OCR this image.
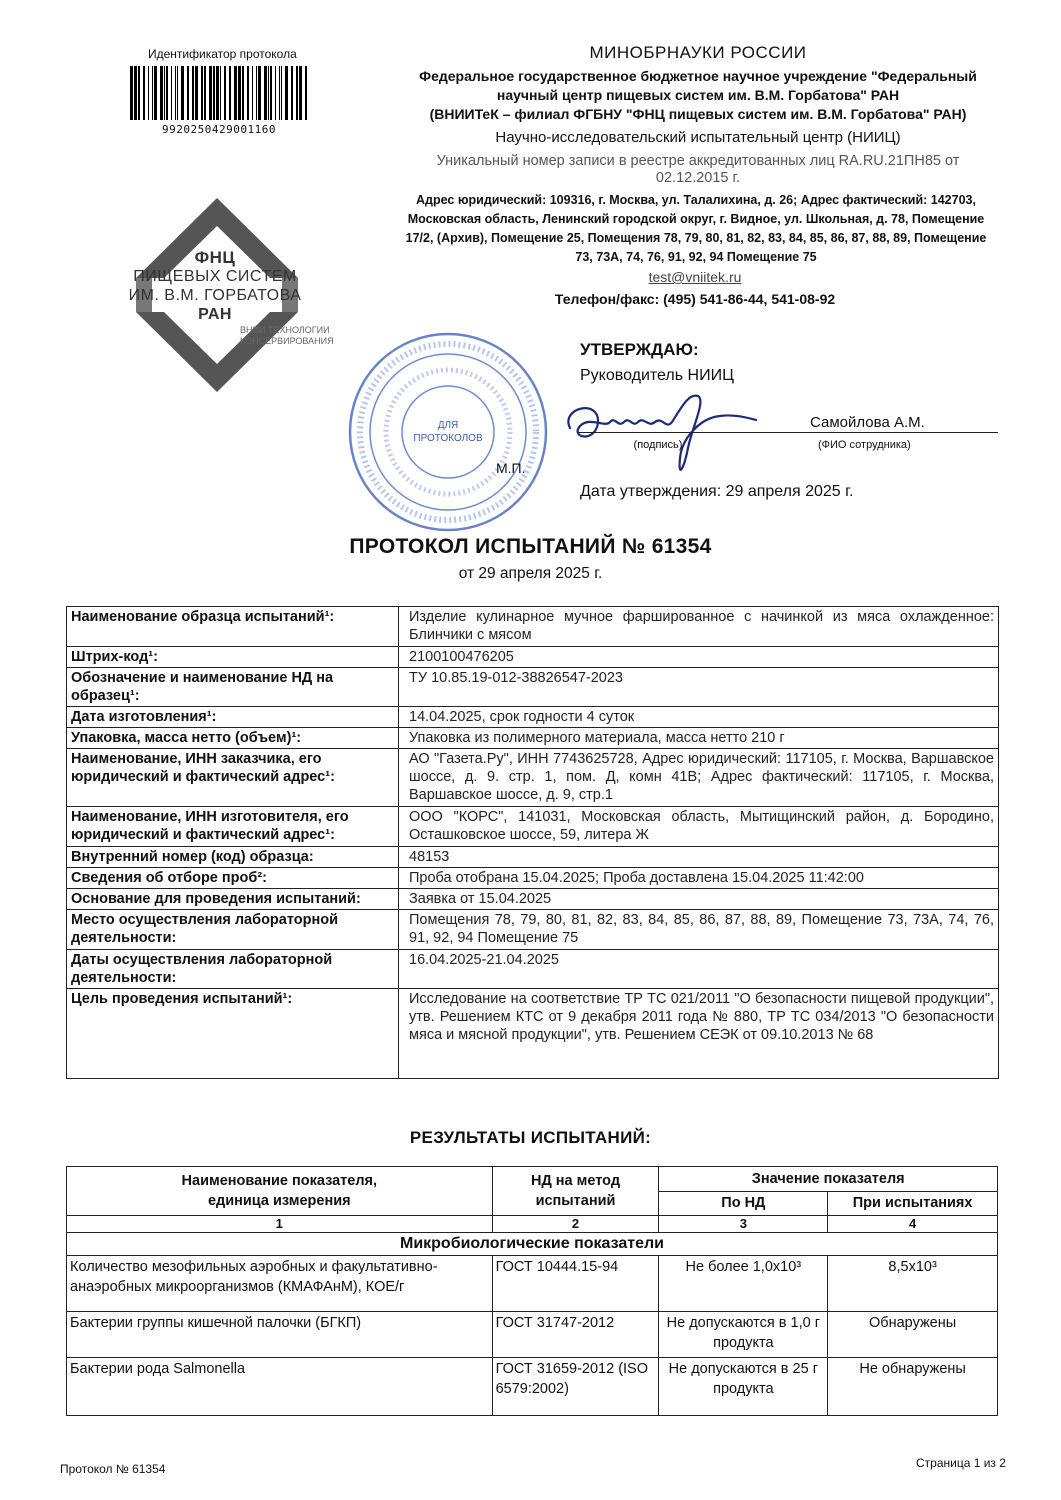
Идентификатор протокола
9920250429001160
ФНЦ
ПИЩЕВЫХ СИСТЕМ
ИМ. В.М. ГОРБАТОВА
РАН
ВНИИ ТЕХНОЛОГИИ КОНСЕРВИРОВАНИЯ
МИНОБРНАУКИ РОССИИ
Федеральное государственное бюджетное научное учреждение "Федеральный
научный центр пищевых систем им. В.М. Горбатова" РАН
(ВНИИТеК – филиал ФГБНУ "ФНЦ пищевых систем им. В.М. Горбатова" РАН)
Научно-исследовательский испытательный центр (НИИЦ)
Уникальный номер записи в реестре аккредитованных лиц RA.RU.21ПН85 от
02.12.2015 г.
Адрес юридический: 109316, г. Москва, ул. Талалихина, д. 26; Адрес фактический: 142703, Московская область, Ленинский городской округ, г. Видное, ул. Школьная, д. 78, Помещение 17/2, (Архив), Помещение 25, Помещения 78, 79, 80, 81, 82, 83, 84, 85, 86, 87, 88, 89, Помещение 73, 73А, 74, 76, 91, 92, 94 Помещение 75
test@vniitek.ru
Телефон/факс: (495) 541-86-44, 541-08-92
ДЛЯ
ПРОТОКОЛОВ
УТВЕРЖДАЮ:
Руководитель НИИЦ
Самойлова А.М.
(подпись)	(ФИО сотрудника)
М.П.
Дата утверждения: 29 апреля 2025 г.
ПРОТОКОЛ ИСПЫТАНИЙ № 61354
от 29 апреля 2025 г.
Наименование образца испытаний¹:	Изделие кулинарное мучное фаршированное с начинкой из мяса охлажденное: Блинчики с мясом
Штрих-код¹:	2100100476205
Обозначение и наименование НД на образец¹:	ТУ 10.85.19-012-38826547-2023
Дата изготовления¹:	14.04.2025, срок годности 4 суток
Упаковка, масса нетто (объем)¹:	Упаковка из полимерного материала, масса нетто 210 г
Наименование, ИНН заказчика, его юридический и фактический адрес¹:	АО "Газета.Ру", ИНН 7743625728, Адрес юридический: 117105, г. Москва, Варшавское шоссе, д. 9. стр. 1, пом. Д, комн 41В; Адрес фактический: 117105, г. Москва, Варшавское шоссе, д. 9, стр.1
Наименование, ИНН изготовителя, его юридический и фактический адрес¹:	ООО "КОРС", 141031, Московская область, Мытищинский район, д. Бородино, Осташковское шоссе, 59, литера Ж
Внутренний номер (код) образца:	48153
Сведения об отборе проб²:	Проба отобрана 15.04.2025; Проба доставлена 15.04.2025 11:42:00
Основание для проведения испытаний:	Заявка от 15.04.2025
Место осуществления лабораторной деятельности:	Помещения 78, 79, 80, 81, 82, 83, 84, 85, 86, 87, 88, 89, Помещение 73, 73А, 74, 76, 91, 92, 94 Помещение 75
Даты осуществления лабораторной деятельности:	16.04.2025-21.04.2025
Цель проведения испытаний¹:	Исследование на соответствие ТР ТС 021/2011 "О безопасности пищевой продукции", утв. Решением КТС от 9 декабря 2011 года № 880, ТР ТС 034/2013 "О безопасности мяса и мясной продукции", утв. Решением СЕЭК от 09.10.2013 № 68
РЕЗУЛЬТАТЫ ИСПЫТАНИЙ:
Наименование показателя, единица измерения	НД на метод испытаний	Значение показателя	
		По НД	При испытаниях
1	2	3	4
Микробиологические показатели			
Количество мезофильных аэробных и факультативно-анаэробных микроорганизмов (КМАФАнМ), КОЕ/г	ГОСТ 10444.15-94	Не более 1,0x10³	8,5x10³
Бактерии группы кишечной палочки (БГКП)	ГОСТ 31747-2012	Не допускаются в 1,0 г продукта	Обнаружены
Бактерии рода Salmonella	ГОСТ 31659-2012 (ISO 6579:2002)	Не допускаются в 25 г продукта	Не обнаружены
Протокол № 61354	Страница 1 из 2
